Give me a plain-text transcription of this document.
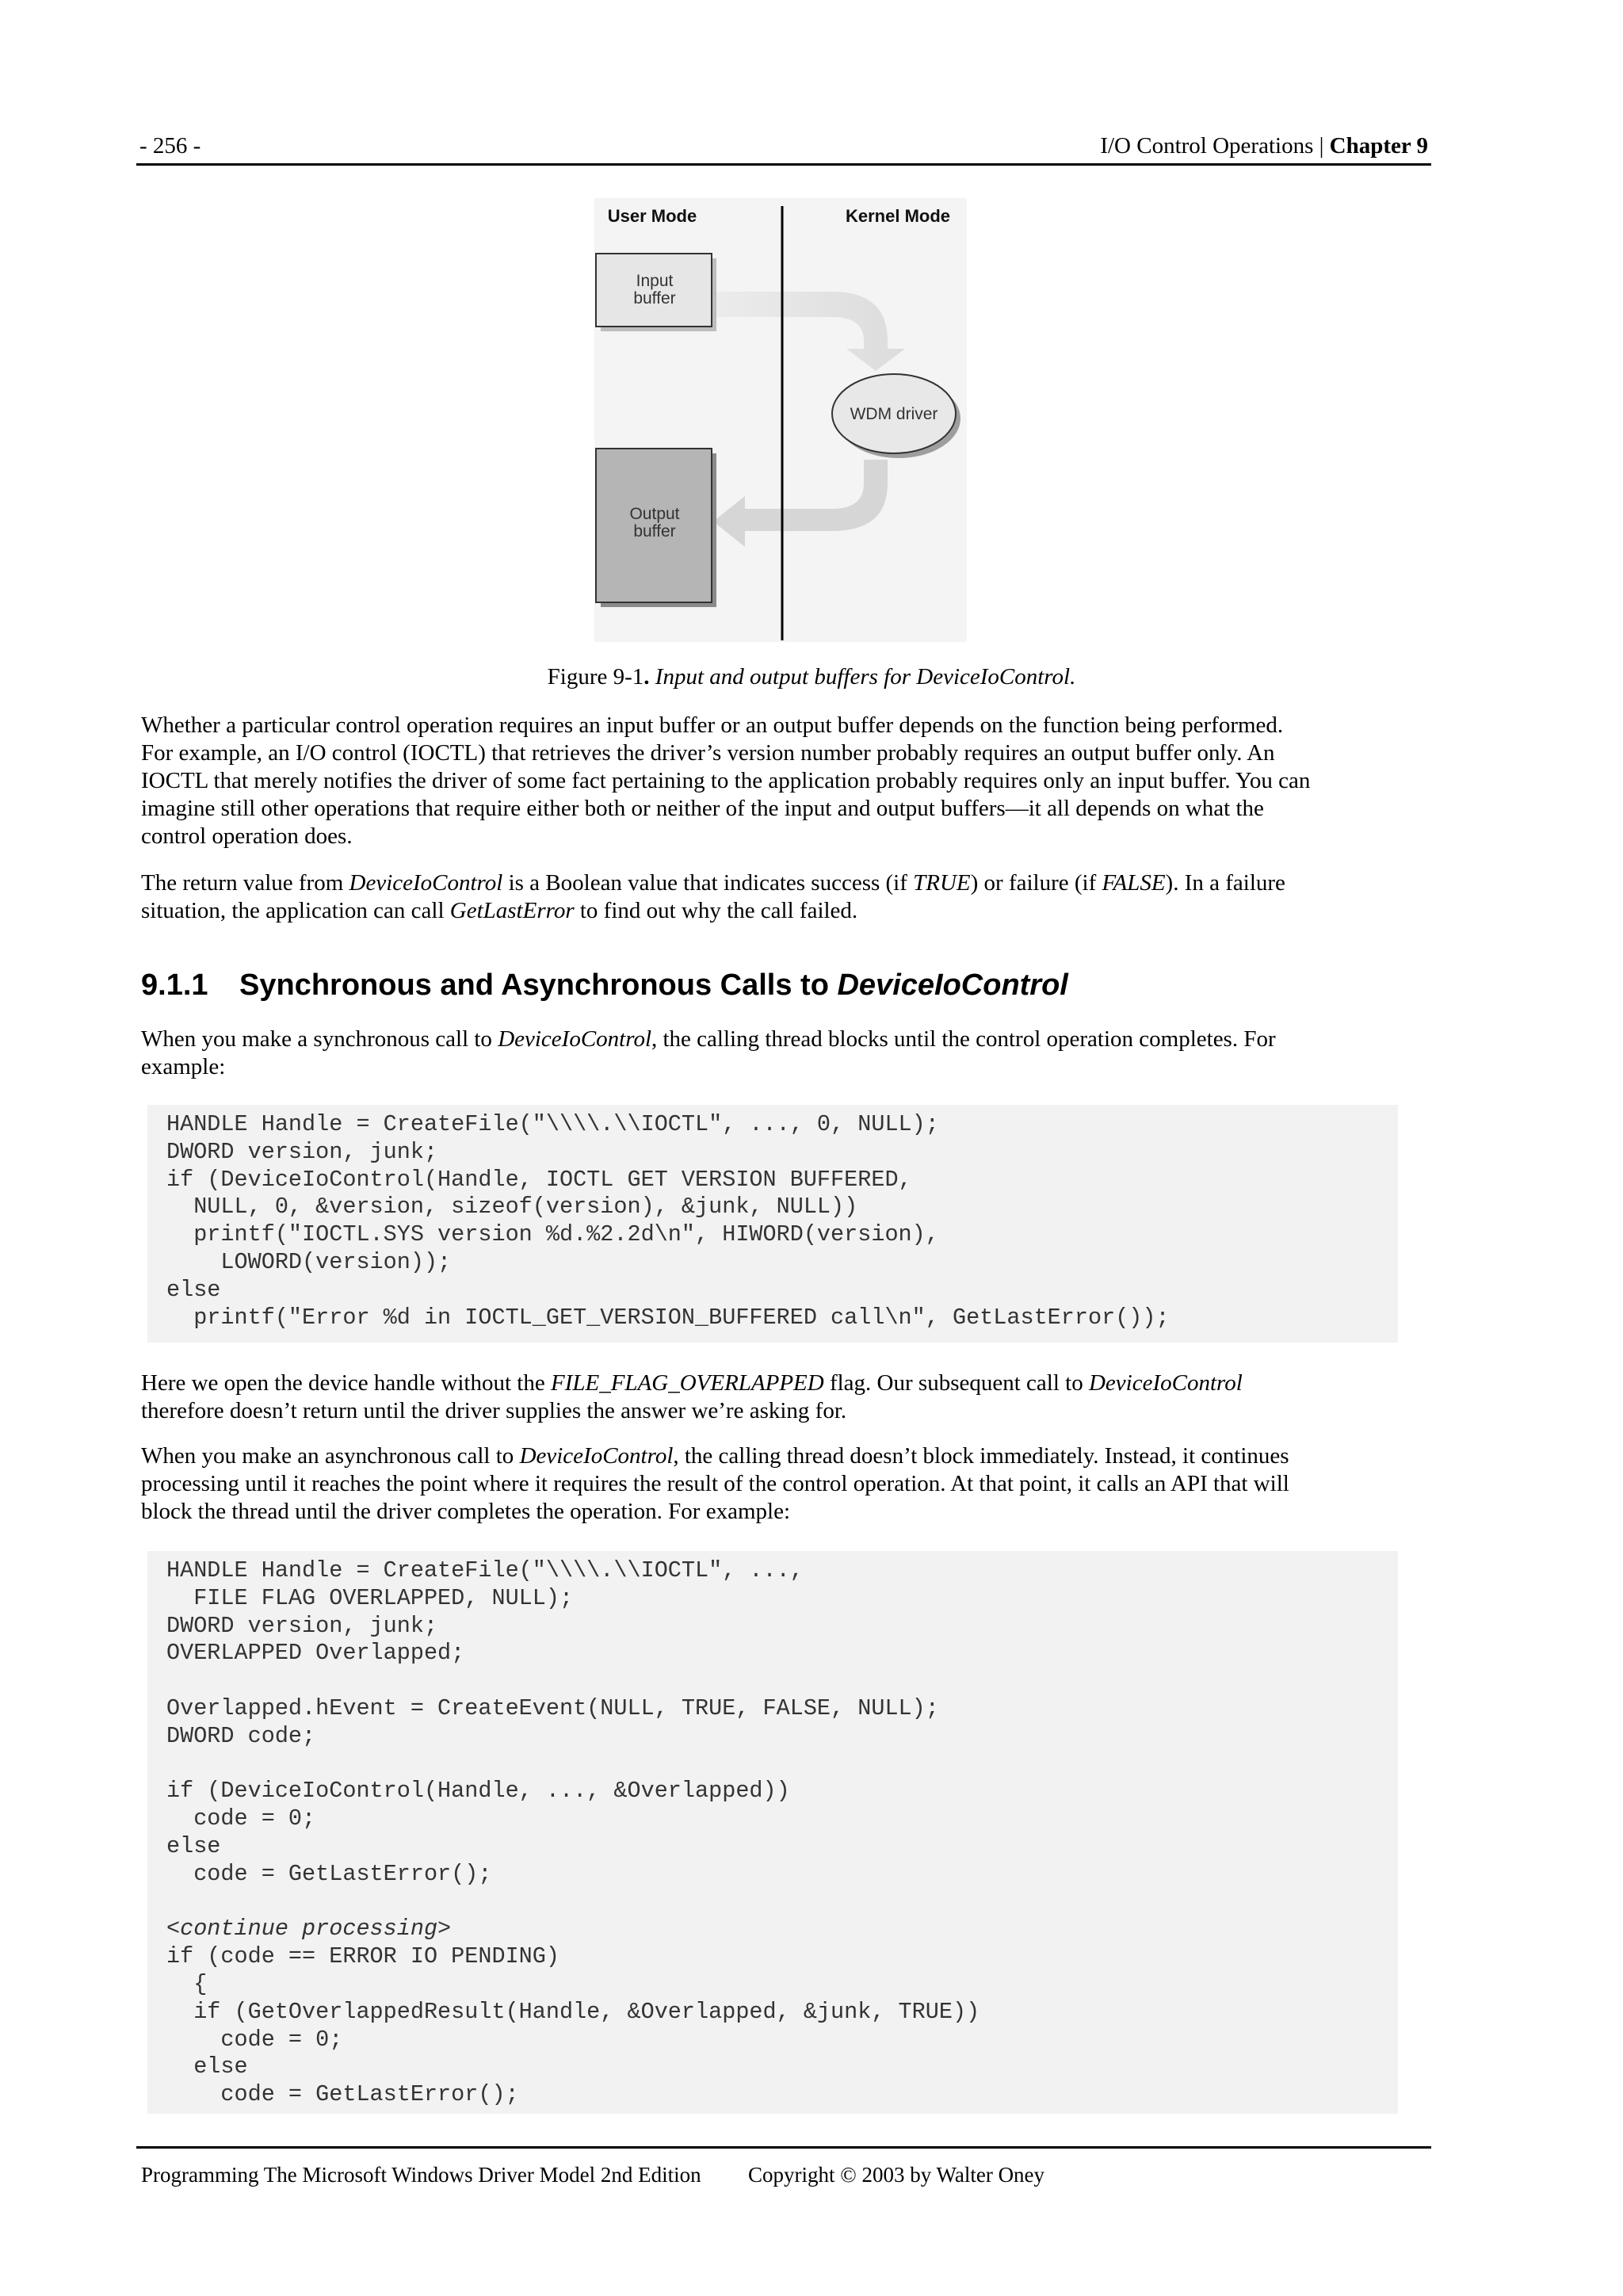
- 256 -	I/O Control Operations | Chapter 9
User Mode	Kernel Mode
Input
buffer
WDM driver
Output
buffer
Figure 9-1. Input and output buffers for DeviceIoControl.
Whether a particular control operation requires an input buffer or an output buffer depends on the function being performed.
For example, an I/O control (IOCTL) that retrieves the driver’s version number probably requires an output buffer only. An
IOCTL that merely notifies the driver of some fact pertaining to the application probably requires only an input buffer. You can
imagine still other operations that require either both or neither of the input and output buffers—it all depends on what the
control operation does.
The return value from DeviceIoControl is a Boolean value that indicates success (if TRUE) or failure (if FALSE). In a failure
situation, the application can call GetLastError to find out why the call failed.
9.1.1 Synchronous and Asynchronous Calls to DeviceIoControl
When you make a synchronous call to DeviceIoControl, the calling thread blocks until the control operation completes. For
example:
HANDLE Handle = CreateFile("\\\\.\\IOCTL", ..., 0, NULL);
DWORD version, junk;
if (DeviceIoControl(Handle, IOCTL GET VERSION BUFFERED,
NULL, 0, &version, sizeof(version), &junk, NULL))
printf("IOCTL.SYS version %d.%2.2d\n", HIWORD(version),
LOWORD(version));
else
printf("Error %d in IOCTL_GET_VERSION_BUFFERED call\n", GetLastError());
Here we open the device handle without the FILE_FLAG_OVERLAPPED flag. Our subsequent call to DeviceIoControl
therefore doesn’t return until the driver supplies the answer we’re asking for.
When you make an asynchronous call to DeviceIoControl, the calling thread doesn’t block immediately. Instead, it continues
processing until it reaches the point where it requires the result of the control operation. At that point, it calls an API that will
block the thread until the driver completes the operation. For example:
HANDLE Handle = CreateFile("\\\\.\\IOCTL", ...,
FILE FLAG OVERLAPPED, NULL);
DWORD version, junk;
OVERLAPPED Overlapped;
Overlapped.hEvent = CreateEvent(NULL, TRUE, FALSE, NULL);
DWORD code;
if (DeviceIoControl(Handle, ..., &Overlapped))
code = 0;
else
code = GetLastError();
<continue processing>
if (code == ERROR IO PENDING)
{
if (GetOverlappedResult(Handle, &Overlapped, &junk, TRUE))
code = 0;
else
code = GetLastError();
Programming The Microsoft Windows Driver Model 2nd Edition Copyright © 2003 by Walter Oney
